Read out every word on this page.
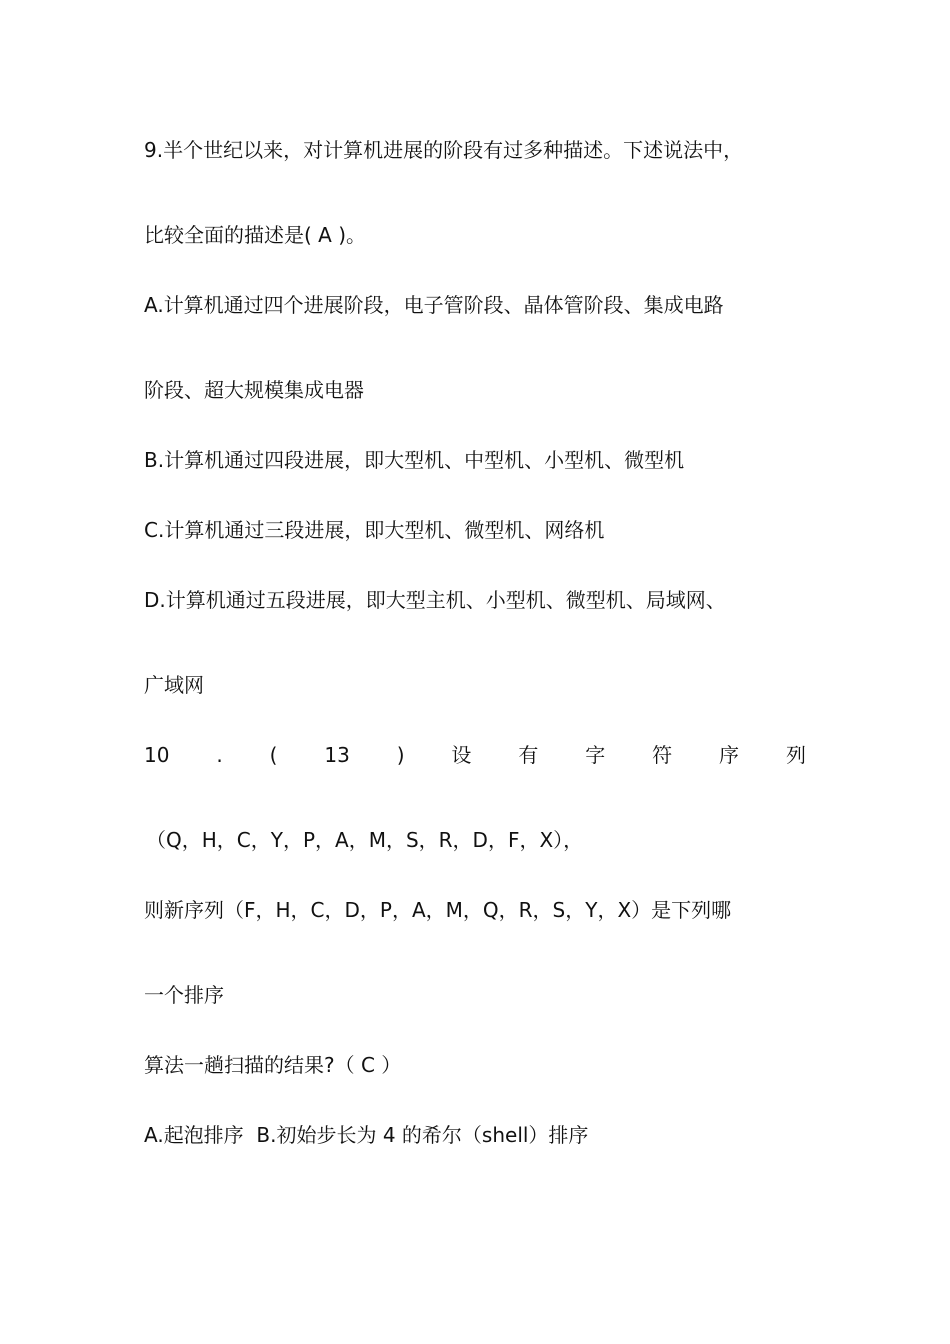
9.半个世纪以来，对计算机进展的阶段有过多种描述。下述说法中，

比较全面的描述是( A )。

A.计算机通过四个进展阶段，电子管阶段、晶体管阶段、集成电路

阶段、超大规模集成电器

B.计算机通过四段进展，即大型机、中型机、小型机、微型机

C.计算机通过三段进展，即大型机、微型机、网络机

D.计算机通过五段进展，即大型主机、小型机、微型机、局域网、

广域网

10 . ( 13 ) 设 有 字 符 序 列

（Q，H，C，Y，P，A，M，S，R，D，F，X），

则新序列（F，H，C，D，P，A，M，Q，R，S，Y，X）是下列哪

一个排序

算法一趟扫描的结果?（ C ）

A.起泡排序  B.初始步长为 4 的希尔（shell）排序
